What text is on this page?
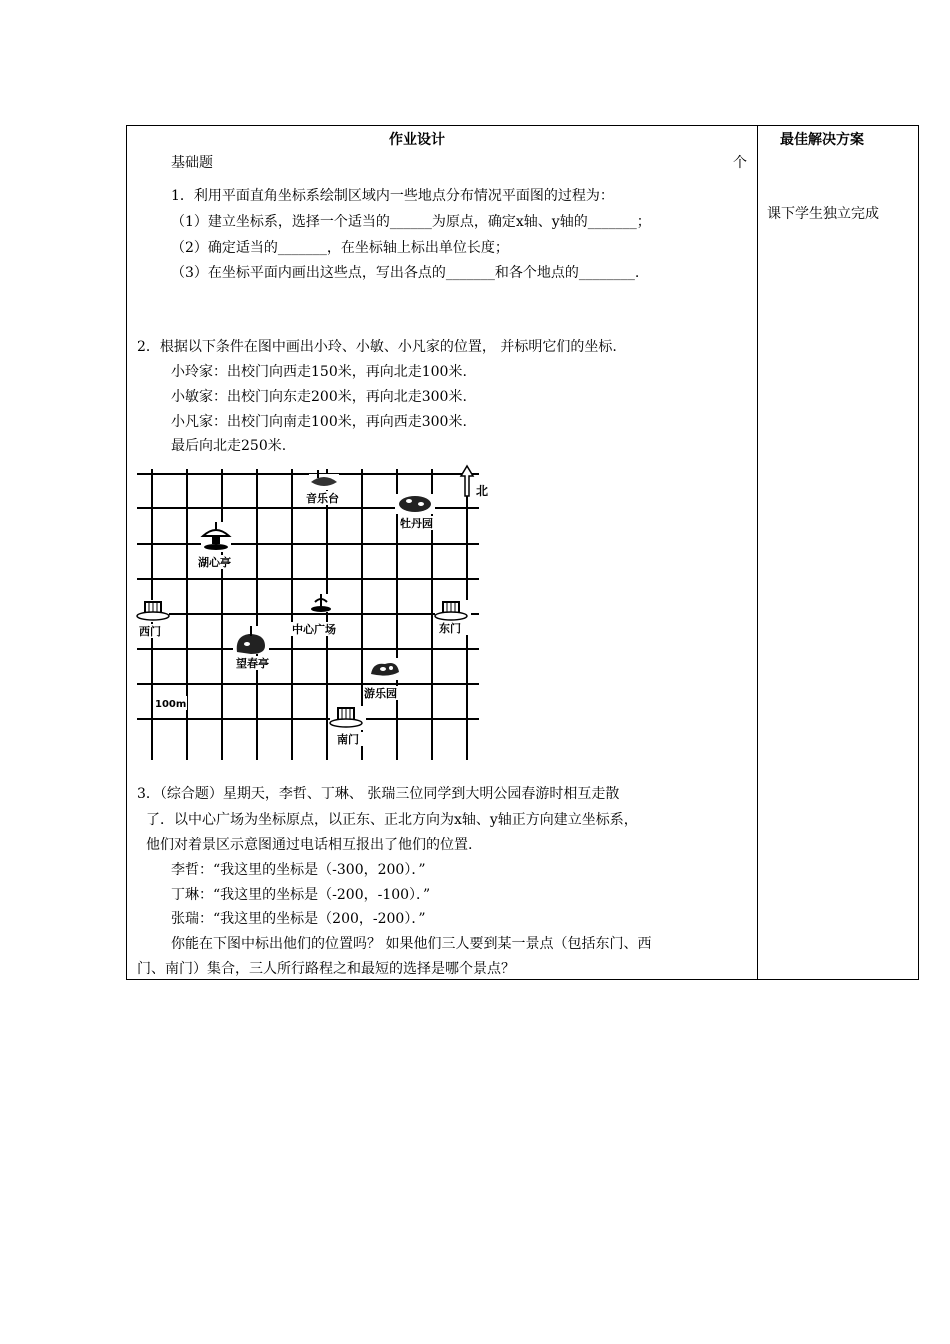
作业设计	最佳解决方案
基础题	个
1．利用平面直角坐标系绘制区域内一些地点分布情况平面图的过程为：
（1）建立坐标系，选择一个适当的______为原点，确定x轴、y轴的_______；
（2）确定适当的_______，在坐标轴上标出单位长度；
（3）在坐标平面内画出这些点，写出各点的_______和各个地点的________.
课下学生独立完成
2．根据以下条件在图中画出小玲、小敏、小凡家的位置， 并标明它们的坐标.
小玲家：出校门向西走150米，再向北走100米.
小敏家：出校门向东走200米，再向北走300米.
小凡家：出校门向南走100米，再向西走300米.
最后向北走250米.
北
音乐台
牡丹园
湖心亭
西门	中心广场	东门
望春亭
游乐园
100m
南门
3．（综合题）星期天，李哲、丁琳、 张瑞三位同学到大明公园春游时相互走散
了．以中心广场为坐标原点，以正东、正北方向为x轴、y轴正方向建立坐标系，
他们对着景区示意图通过电话相互报出了他们的位置.
李哲：“我这里的坐标是（-300，200）．”
丁琳：“我这里的坐标是（-200，-100）．”
张瑞：“我这里的坐标是（200，-200）．”
你能在下图中标出他们的位置吗？ 如果他们三人要到某一景点（包括东门、西
门、南门）集合，三人所行路程之和最短的选择是哪个景点？
